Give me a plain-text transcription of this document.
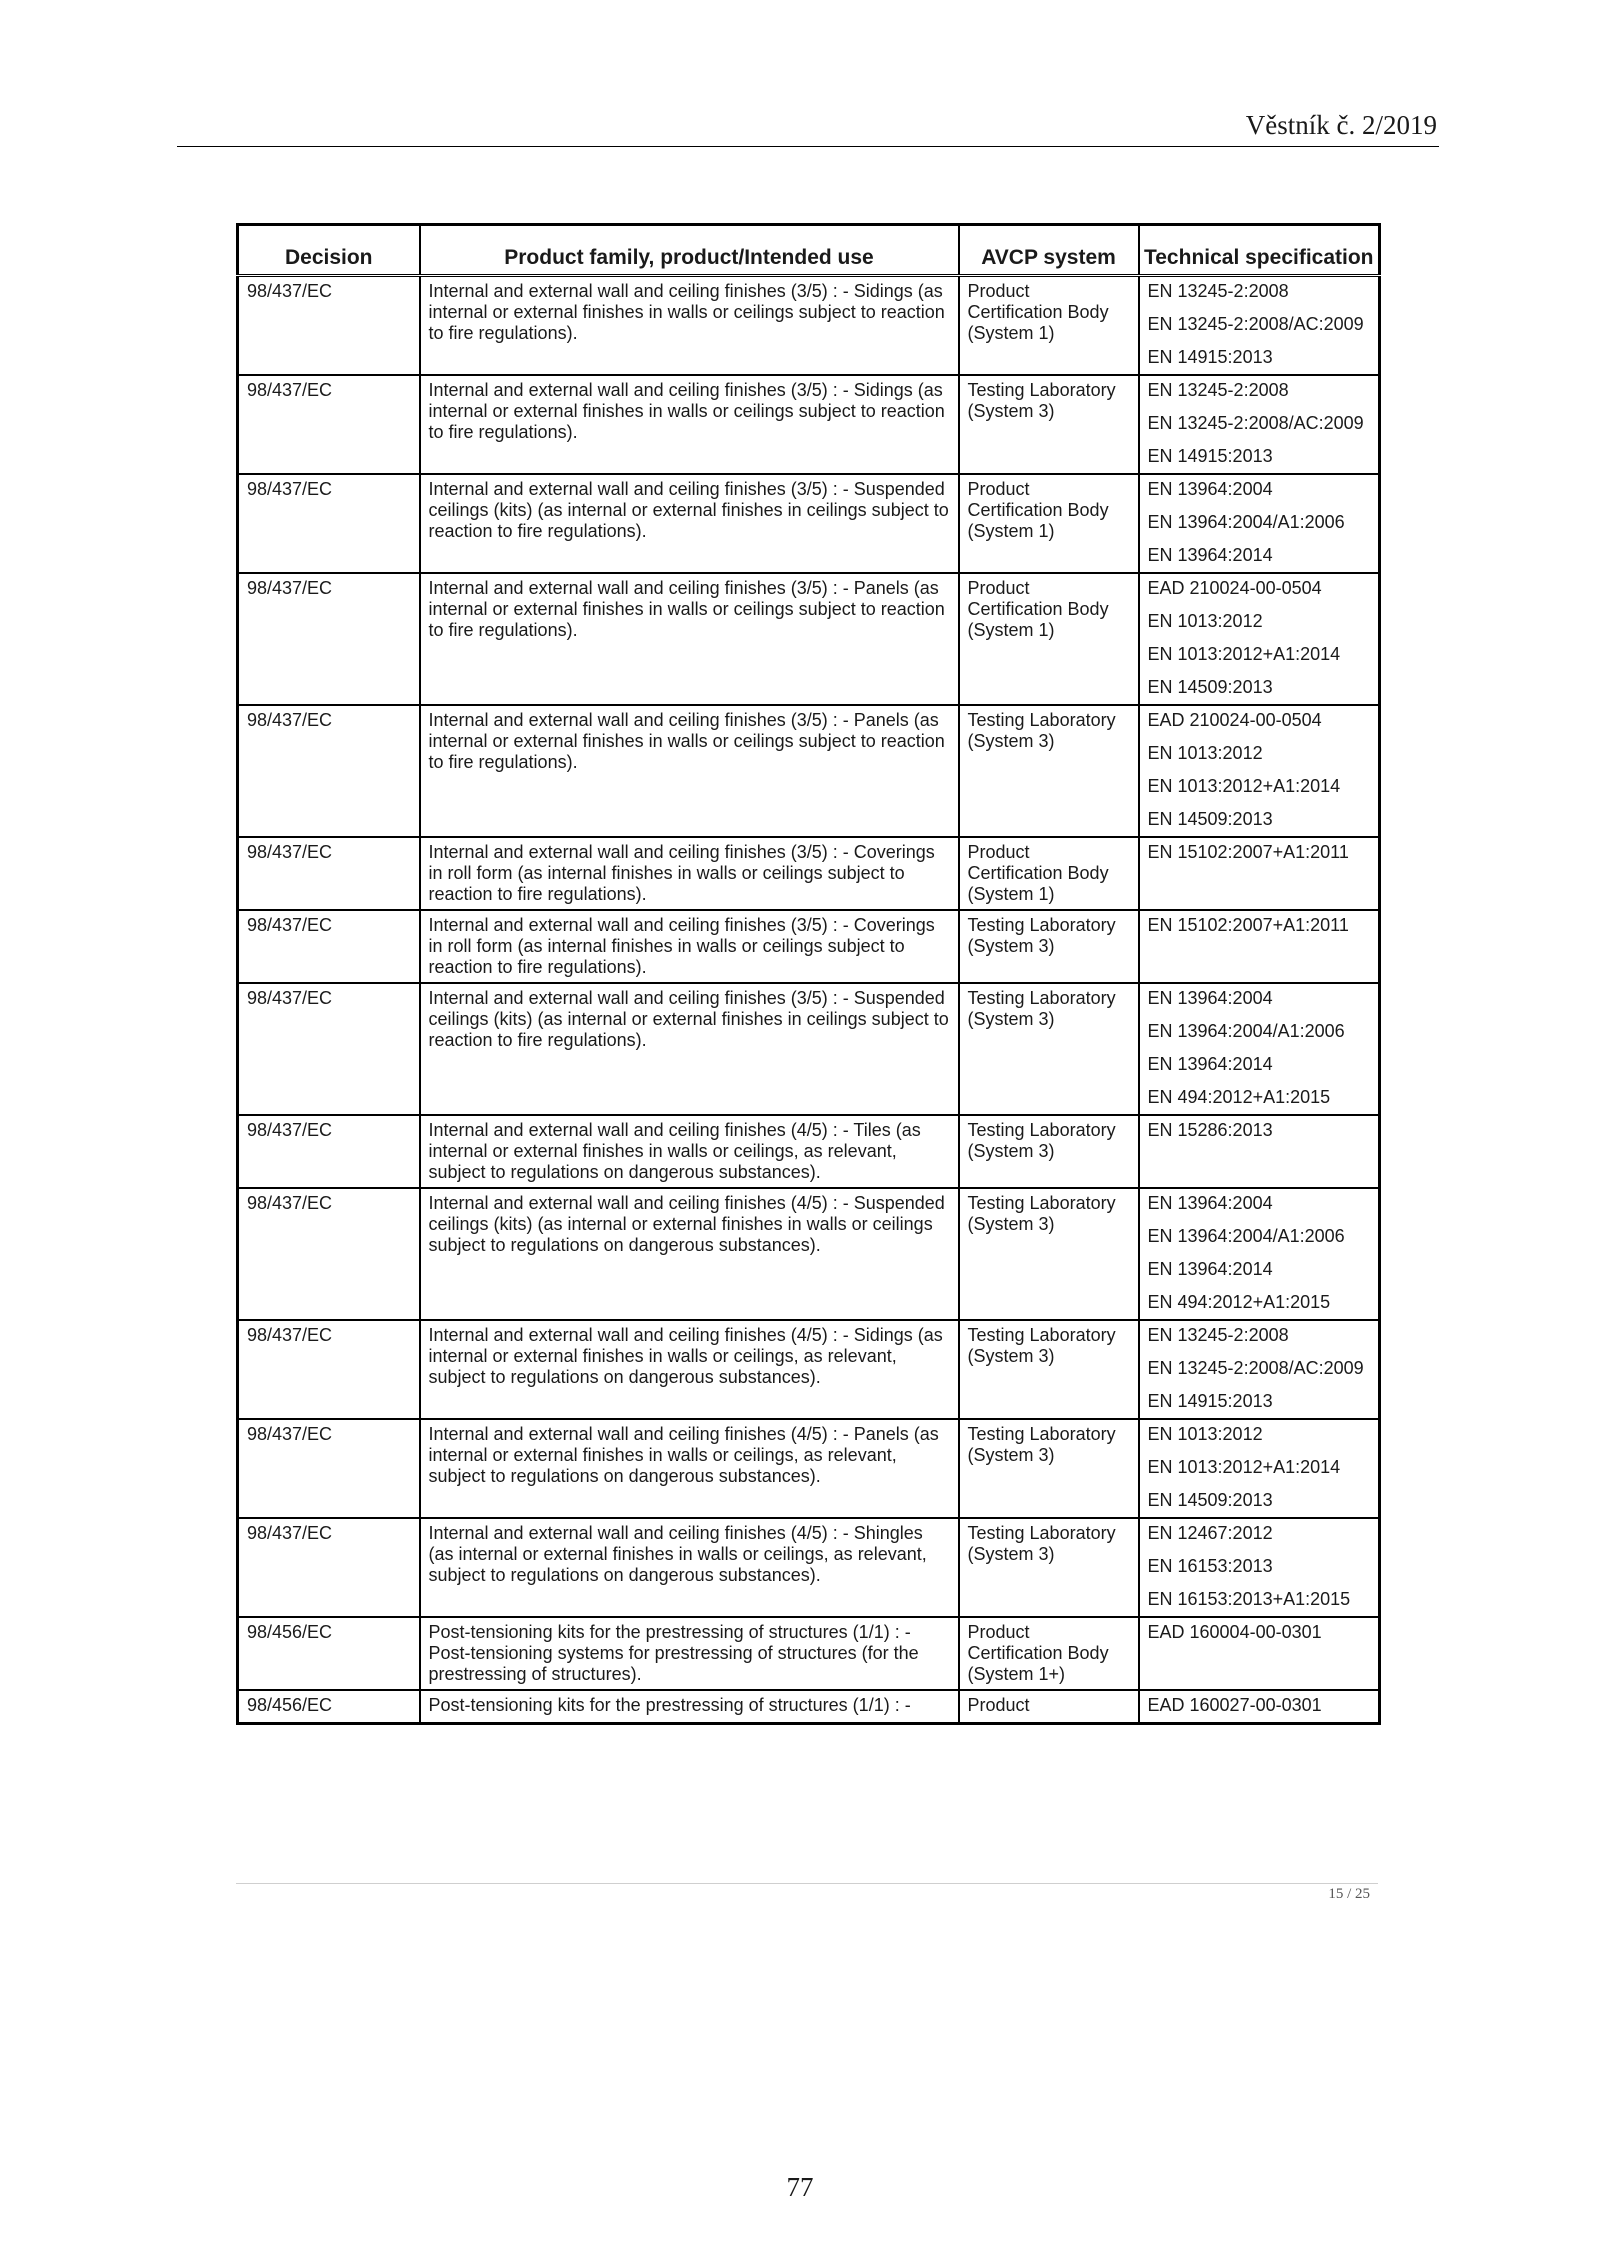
Věstník č. 2/2019
Decision	Product family, product/Intended use	AVCP system	Technical specification

98/437/EC	Internal and external wall and ceiling finishes (3/5) : - Sidings (as internal or external finishes in walls or ceilings subject to reaction to fire regulations).	Product Certification Body (System 1)	EN 13245-2:2008
EN 13245-2:2008/AC:2009
EN 14915:2013

98/437/EC	Internal and external wall and ceiling finishes (3/5) : - Sidings (as internal or external finishes in walls or ceilings subject to reaction to fire regulations).	Testing Laboratory (System 3)	EN 13245-2:2008
EN 13245-2:2008/AC:2009
EN 14915:2013

98/437/EC	Internal and external wall and ceiling finishes (3/5) : - Suspended ceilings (kits) (as internal or external finishes in ceilings subject to reaction to fire regulations).	Product Certification Body (System 1)	EN 13964:2004
EN 13964:2004/A1:2006
EN 13964:2014

98/437/EC	Internal and external wall and ceiling finishes (3/5) : - Panels (as internal or external finishes in walls or ceilings subject to reaction to fire regulations).	Product Certification Body (System 1)	EAD 210024-00-0504
EN 1013:2012
EN 1013:2012+A1:2014
EN 14509:2013

98/437/EC	Internal and external wall and ceiling finishes (3/5) : - Panels (as internal or external finishes in walls or ceilings subject to reaction to fire regulations).	Testing Laboratory (System 3)	EAD 210024-00-0504
EN 1013:2012
EN 1013:2012+A1:2014
EN 14509:2013

98/437/EC	Internal and external wall and ceiling finishes (3/5) : - Coverings in roll form (as internal finishes in walls or ceilings subject to reaction to fire regulations).	Product Certification Body (System 1)	EN 15102:2007+A1:2011

98/437/EC	Internal and external wall and ceiling finishes (3/5) : - Coverings in roll form (as internal finishes in walls or ceilings subject to reaction to fire regulations).	Testing Laboratory (System 3)	EN 15102:2007+A1:2011

98/437/EC	Internal and external wall and ceiling finishes (3/5) : - Suspended ceilings (kits) (as internal or external finishes in ceilings subject to reaction to fire regulations).	Testing Laboratory (System 3)	EN 13964:2004
EN 13964:2004/A1:2006
EN 13964:2014
EN 494:2012+A1:2015

98/437/EC	Internal and external wall and ceiling finishes (4/5) : - Tiles (as internal or external finishes in walls or ceilings, as relevant, subject to regulations on dangerous substances).	Testing Laboratory (System 3)	EN 15286:2013

98/437/EC	Internal and external wall and ceiling finishes (4/5) : - Suspended ceilings (kits) (as internal or external finishes in walls or ceilings subject to regulations on dangerous substances).	Testing Laboratory (System 3)	EN 13964:2004
EN 13964:2004/A1:2006
EN 13964:2014
EN 494:2012+A1:2015

98/437/EC	Internal and external wall and ceiling finishes (4/5) : - Sidings (as internal or external finishes in walls or ceilings, as relevant, subject to regulations on dangerous substances).	Testing Laboratory (System 3)	EN 13245-2:2008
EN 13245-2:2008/AC:2009
EN 14915:2013

98/437/EC	Internal and external wall and ceiling finishes (4/5) : - Panels (as internal or external finishes in walls or ceilings, as relevant, subject to regulations on dangerous substances).	Testing Laboratory (System 3)	EN 1013:2012
EN 1013:2012+A1:2014
EN 14509:2013

98/437/EC	Internal and external wall and ceiling finishes (4/5) : - Shingles (as internal or external finishes in walls or ceilings, as relevant, subject to regulations on dangerous substances).	Testing Laboratory (System 3)	EN 12467:2012
EN 16153:2013
EN 16153:2013+A1:2015

98/456/EC	Post-tensioning kits for the prestressing of structures (1/1) : - Post-tensioning systems for prestressing of structures (for the prestressing of structures).	Product Certification Body (System 1+)	EAD 160004-00-0301

98/456/EC	Post-tensioning kits for the prestressing of structures (1/1) : -	Product	EAD 160027-00-0301
15 / 25
77
